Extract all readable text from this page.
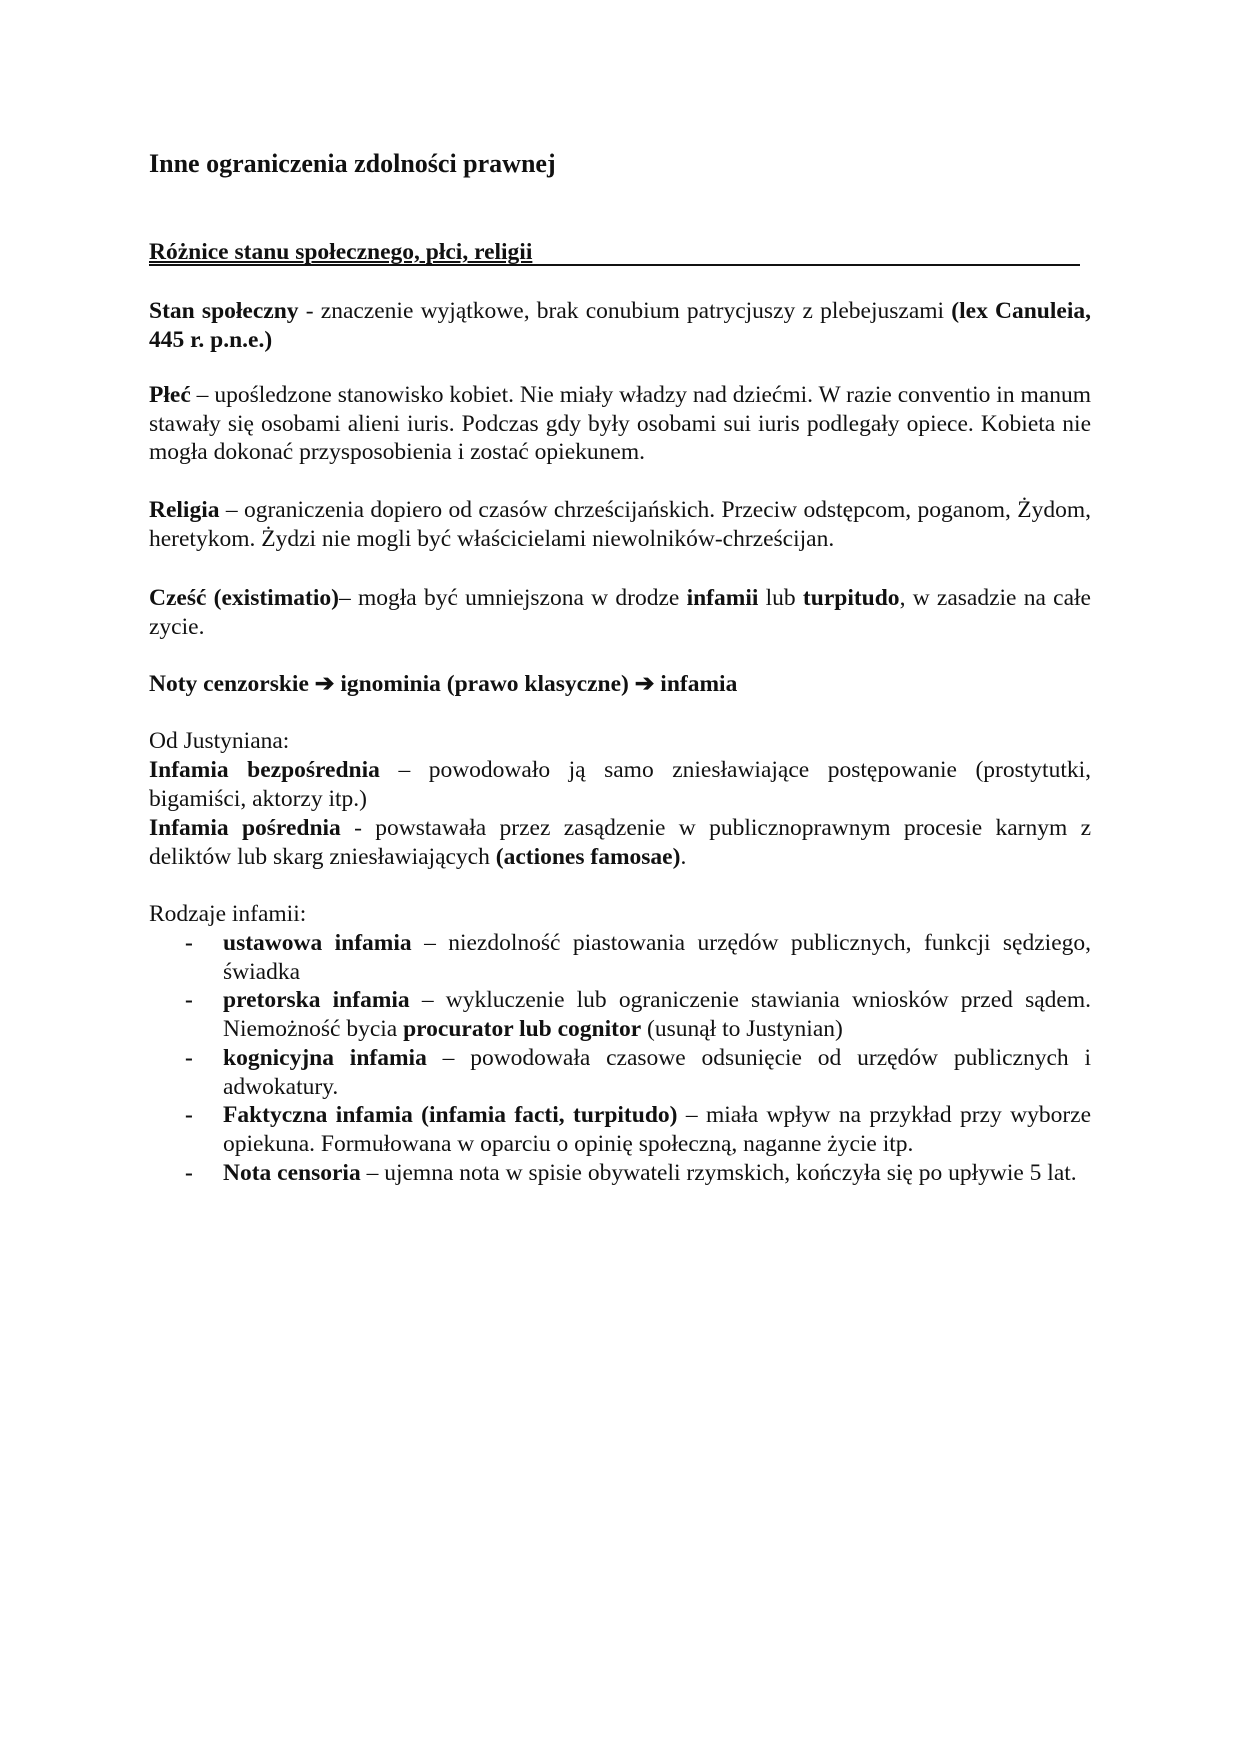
Inne ograniczenia zdolności prawnej

Różnice stanu społecznego, płci, religii

Stan społeczny - znaczenie wyjątkowe, brak conubium patrycjuszy z plebejuszami (lex Canuleia, 445 r. p.n.e.)

Płeć – upośledzone stanowisko kobiet. Nie miały władzy nad dziećmi. W razie conventio in manum stawały się osobami alieni iuris. Podczas gdy były osobami sui iuris podlegały opiece. Kobieta nie mogła dokonać przysposobienia i zostać opiekunem.

Religia – ograniczenia dopiero od czasów chrześcijańskich. Przeciw odstępcom, poganom, Żydom, heretykom. Żydzi nie mogli być właścicielami niewolników-chrześcijan.

Cześć (existimatio)– mogła być umniejszona w drodze infamii lub turpitudo, w zasadzie na całe zycie.

Noty cenzorskie ➔ ignominia (prawo klasyczne) ➔ infamia

Od Justyniana:

Infamia bezpośrednia – powodowało ją samo zniesławiające postępowanie (prostytutki, bigamiści, aktorzy itp.)

Infamia pośrednia - powstawała przez zasądzenie w publicznoprawnym procesie karnym z deliktów lub skarg zniesławiających (actiones famosae).

Rodzaje infamii:

- ustawowa infamia – niezdolność piastowania urzędów publicznych, funkcji sędziego, świadka
- pretorska infamia – wykluczenie lub ograniczenie stawiania wniosków przed sądem. Niemożność bycia procurator lub cognitor (usunął to Justynian)
- kognicyjna infamia – powodowała czasowe odsunięcie od urzędów publicznych i adwokatury.
- Faktyczna infamia (infamia facti, turpitudo) – miała wpływ na przykład przy wyborze opiekuna. Formułowana w oparciu o opinię społeczną, naganne życie itp.
- Nota censoria – ujemna nota w spisie obywateli rzymskich, kończyła się po upływie 5 lat.
